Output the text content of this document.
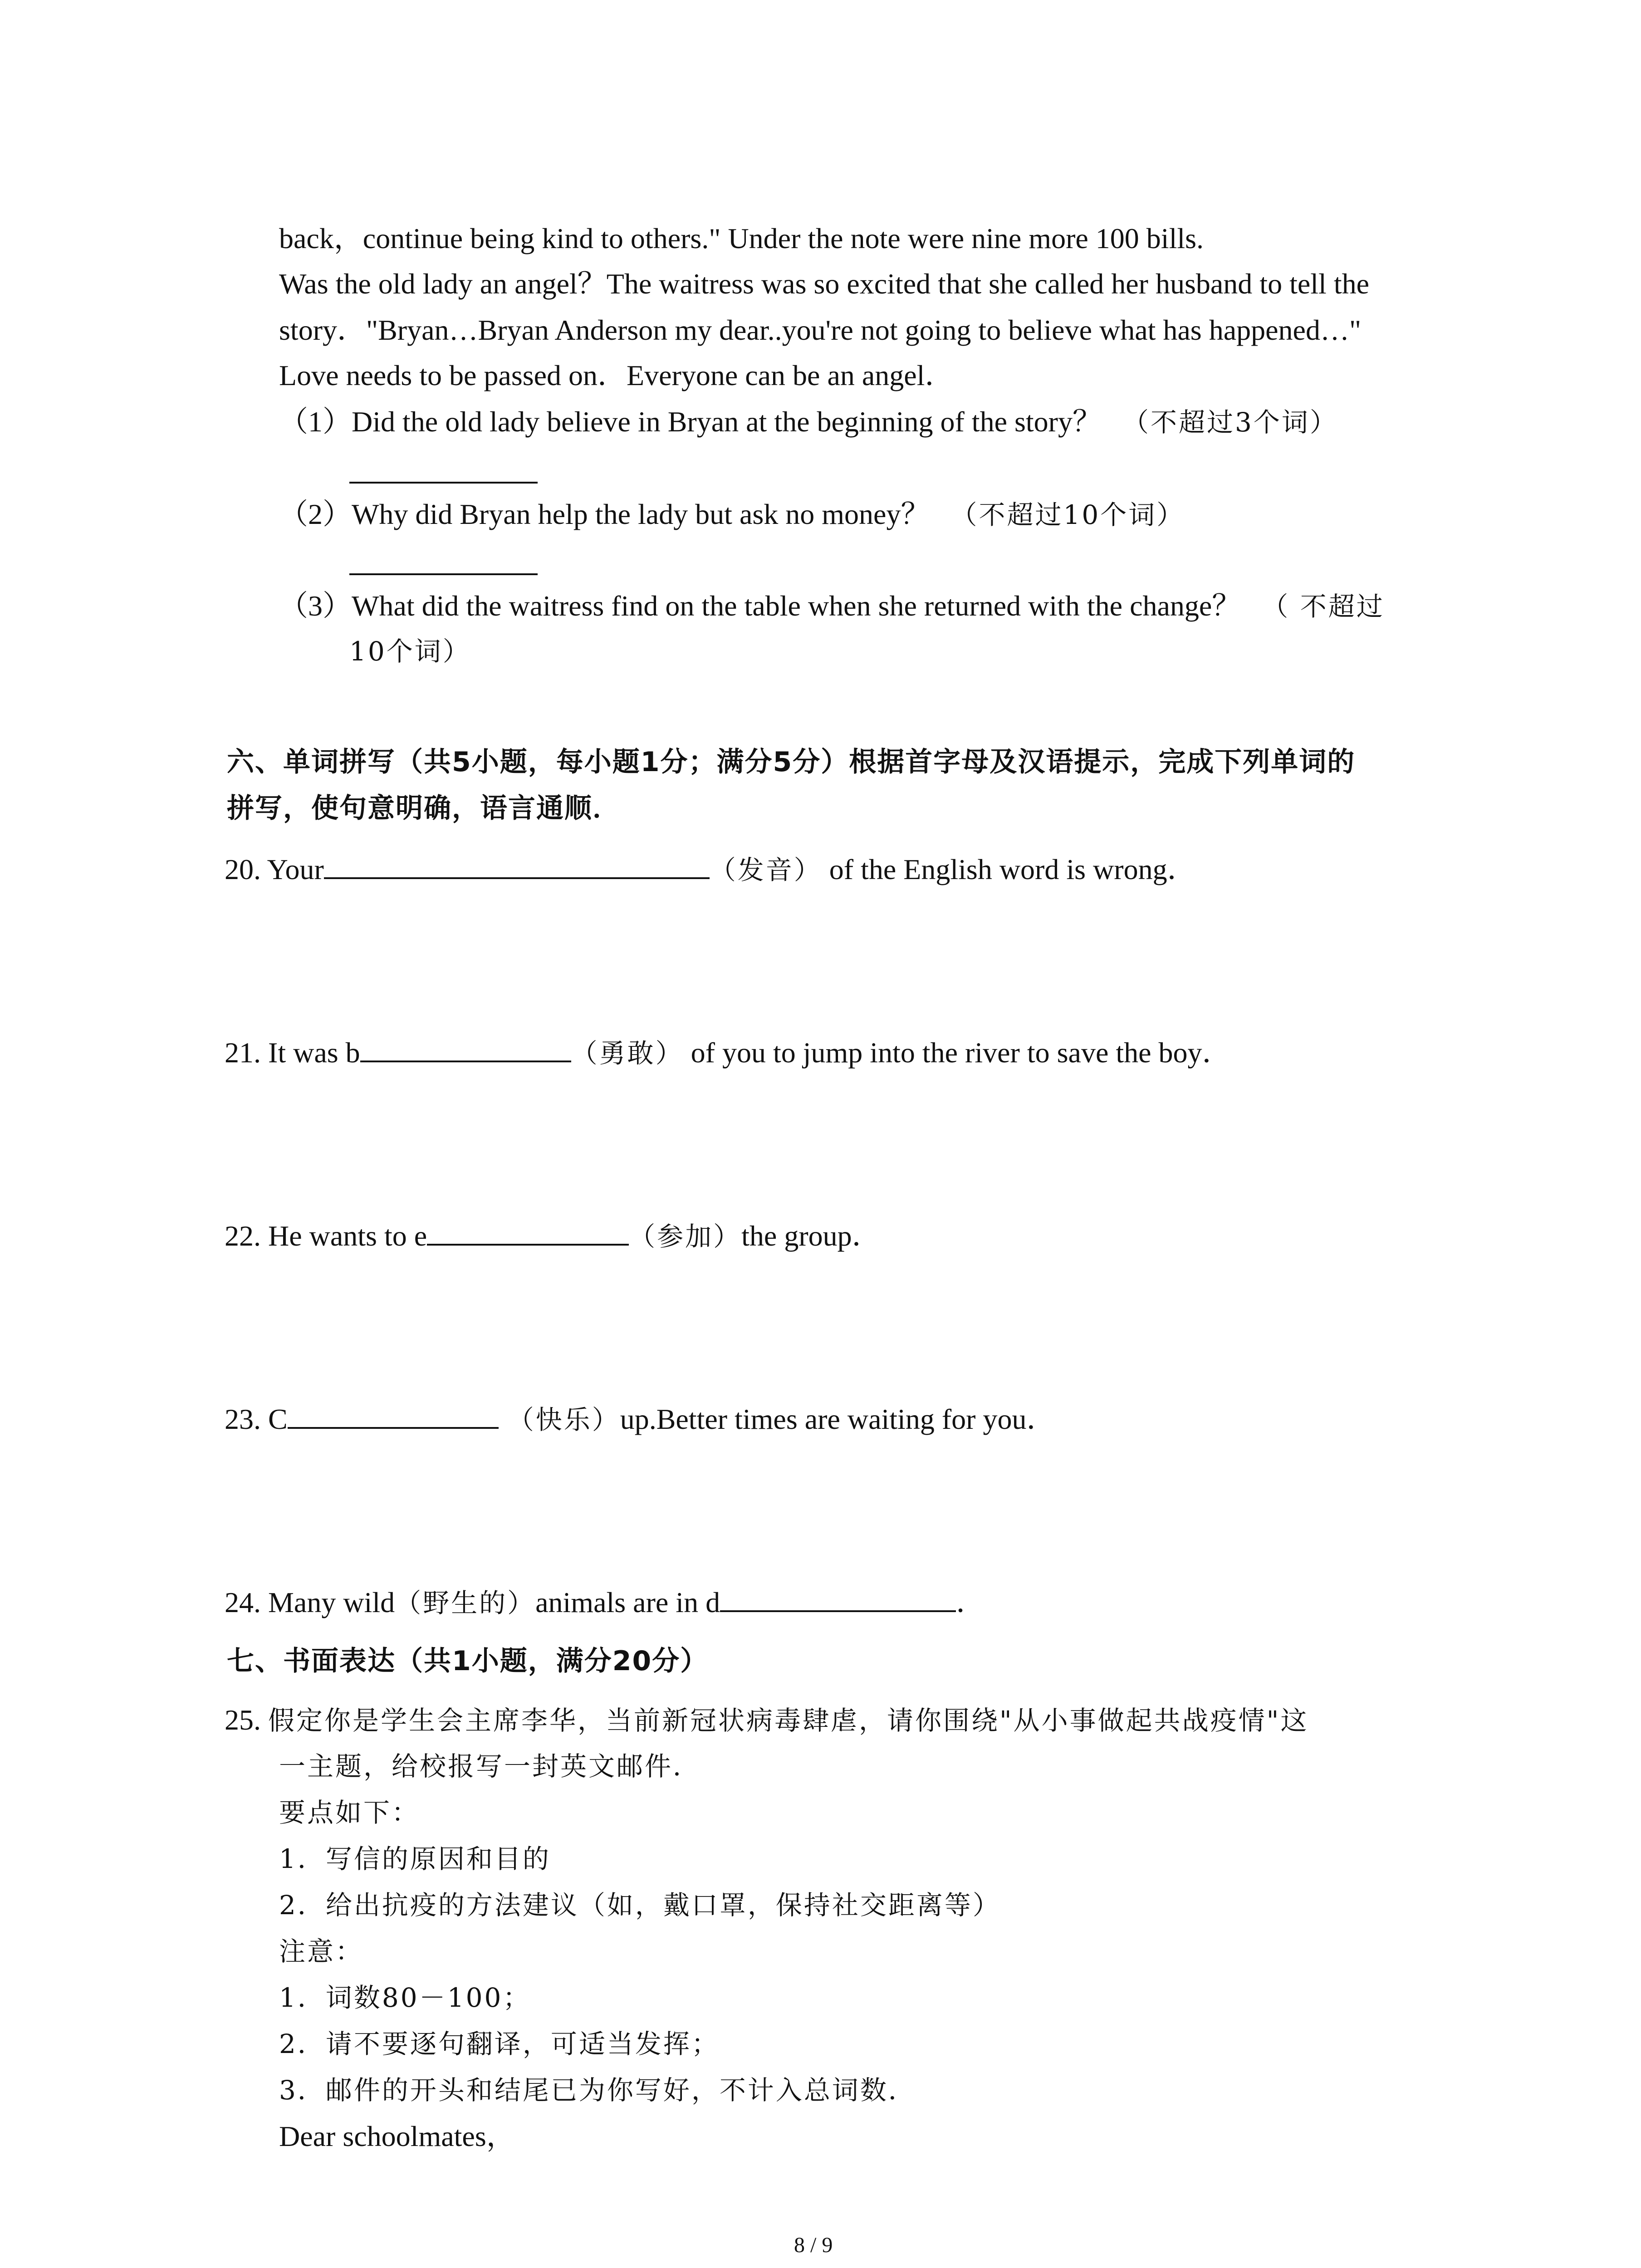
back，continue being kind to others." Under the note were nine more 100 bills.
Was the old lady an angel？The waitress was so excited that she called her husband to tell the
story．"Bryan…Bryan Anderson my dear..you're not going to believe what has happened…"
Love needs to be passed on．Everyone can be an angel．
（1）Did the old lady believe in Bryan at the beginning of the story？ （不超过3个词）
（2）Why did Bryan help the lady but ask no money？ （不超过10个词）
（3）What did the waitress find on the table when she returned with the change？ （ 不超过
10个词）
六、单词拼写（共5小题，每小题1分；满分5分）根据首字母及汉语提示，完成下列单词的
拼写，使句意明确，语言通顺．
20. Your	（发音） of the English word is wrong．
21. It was b	（勇敢） of you to jump into the river to save the boy．
22. He wants to e	（参加）the group．
23. C	（快乐）up.Better times are waiting for you．
24. Many wild（野生的）animals are in d	．
七、书面表达（共1小题，满分20分）
25. 假定你是学生会主席李华，当前新冠状病毒肆虐，请你围绕"从小事做起共战疫情"这
一主题，给校报写一封英文邮件．
要点如下：
1．写信的原因和目的
2．给出抗疫的方法建议（如，戴口罩，保持社交距离等）
注意：
1．词数80－100；
2．请不要逐句翻译，可适当发挥；
3．邮件的开头和结尾已为你写好，不计入总词数．
Dear schoolmates，
8 / 9
